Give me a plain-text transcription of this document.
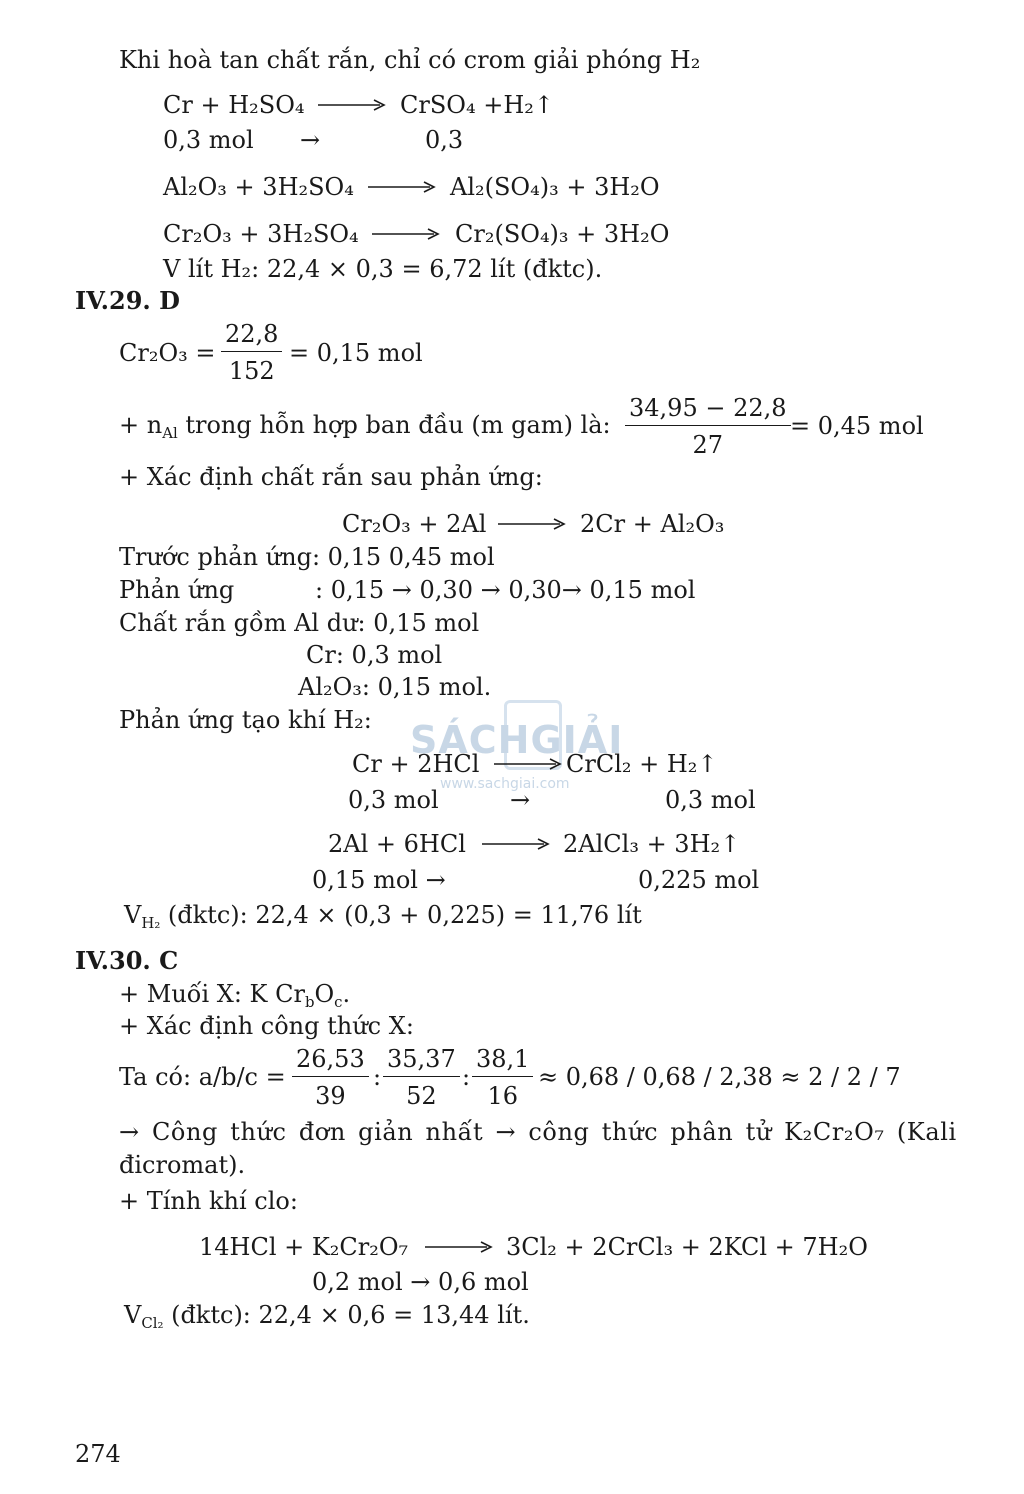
SÁCHGIẢI
www.sachgiai.com
Khi hoà tan chất rắn, chỉ có crom giải phóng H₂
Cr + H₂SO₄ → CrSO₄ +H₂↑
0,3 mol →	0,3
Al₂O₃ + 3H₂SO₄ → Al₂(SO₄)₃ + 3H₂O
Cr₂O₃ + 3H₂SO₄ → Cr₂(SO₄)₃ + 3H₂O
V lít H₂: 22,4 × 0,3 = 6,72 lít (đktc).
IV.29. D
Cr₂O₃ =
22,8
152
= 0,15 mol
+ $n_{Al}$ trong hỗn hợp ban đầu (m gam) là:
34,95 − 22,8
27
= 0,45 mol
+ Xác định chất rắn sau phản ứng:
Cr₂O₃ + 2Al → 2Cr + Al₂O₃
Trước phản ứng: 0,15 0,45 mol
Phản ứng	: 0,15 → 0,30 → 0,30→ 0,15 mol
Chất rắn gồm Al dư: 0,15 mol
Cr: 0,3 mol
Al₂O₃: 0,15 mol.
Phản ứng tạo khí H₂:
Cr + 2HCl → CrCl₂ + H₂↑
0,3 mol	→	0,3 mol
2Al + 6HCl → 2AlCl₃ + 3H₂↑
0,15 mol →	0,225 mol
$V_{H_2}$ (đktc): 22,4 × (0,3 + 0,225) = 11,76 lít
IV.30. C
+ Muối X: K $Cr_bO_c$.
+ Xác định công thức X:
Ta có: a/b/c =
26,53
39
:
35,37
52
:
38,1
16
≈ 0,68 / 0,68 / 2,38 ≈ 2 / 2 / 7
→ Công thức đơn giản nhất → công thức phân tử K₂Cr₂O₇ (Kali
đicromat).
+ Tính khí clo:
14HCl + K₂Cr₂O₇ → 3Cl₂ + 2CrCl₃ + 2KCl + 7H₂O
0,2 mol → 0,6 mol
$V_{Cl_2}$ (đktc): 22,4 × 0,6 = 13,44 lít.
274
